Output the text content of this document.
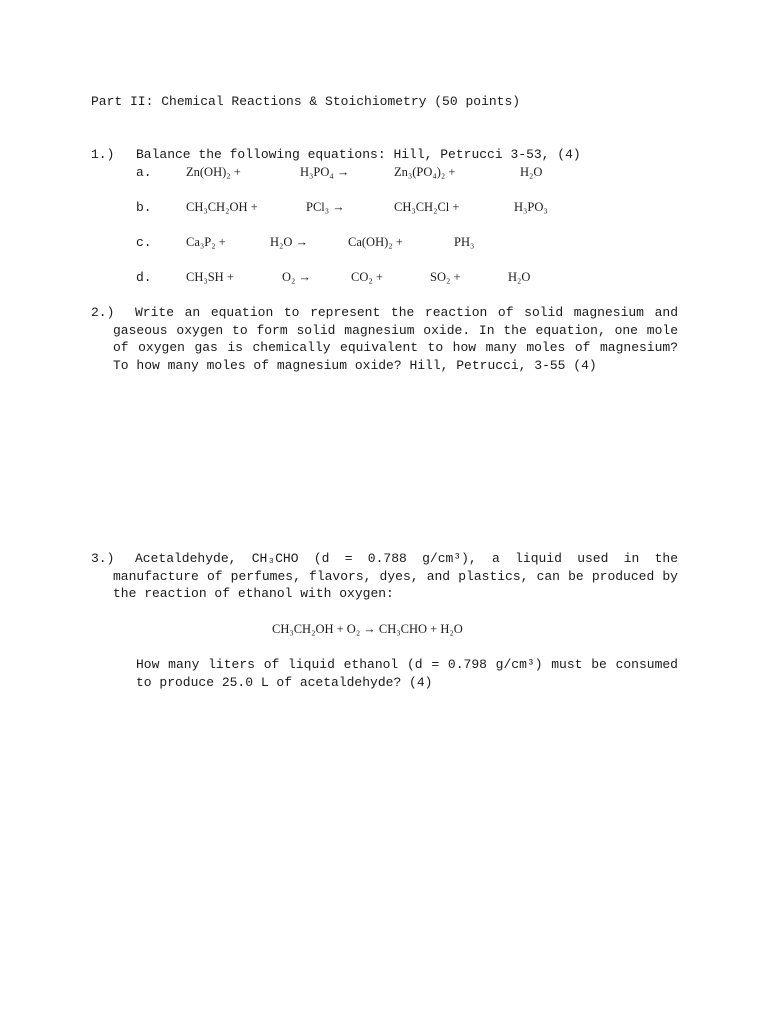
Part II: Chemical Reactions & Stoichiometry (50 points)
1.) Balance the following equations: Hill, Petrucci 3-53, (4)
a.	Zn(OH)₂ +	H₃PO₄ →	Zn₃(PO₄)₂ +	H₂O
b.	CH₃CH₂OH +	PCl₃ →	CH₃CH₂Cl +	H₃PO₃
c.	Ca₃P₂ +	H₂O →	Ca(OH)₂ +	PH₃
d.	CH₃SH +	O₂ →	CO₂ +	SO₂ +	H₂O
2.)	Write an equation to represent the reaction of solid magnesium and gaseous oxygen to form solid magnesium oxide. In the equation, one mole of oxygen gas is chemically equivalent to how many moles of magnesium? To how many moles of magnesium oxide? Hill, Petrucci, 3-55 (4)
3.)	Acetaldehyde, CH₃CHO (d = 0.788 g/cm³), a liquid used in the manufacture of perfumes, flavors, dyes, and plastics, can be produced by the reaction of ethanol with oxygen:
CH₃CH₂OH + O₂ → CH₃CHO + H₂O
How many liters of liquid ethanol (d = 0.798 g/cm³) must be consumed to produce 25.0 L of acetaldehyde? (4)
